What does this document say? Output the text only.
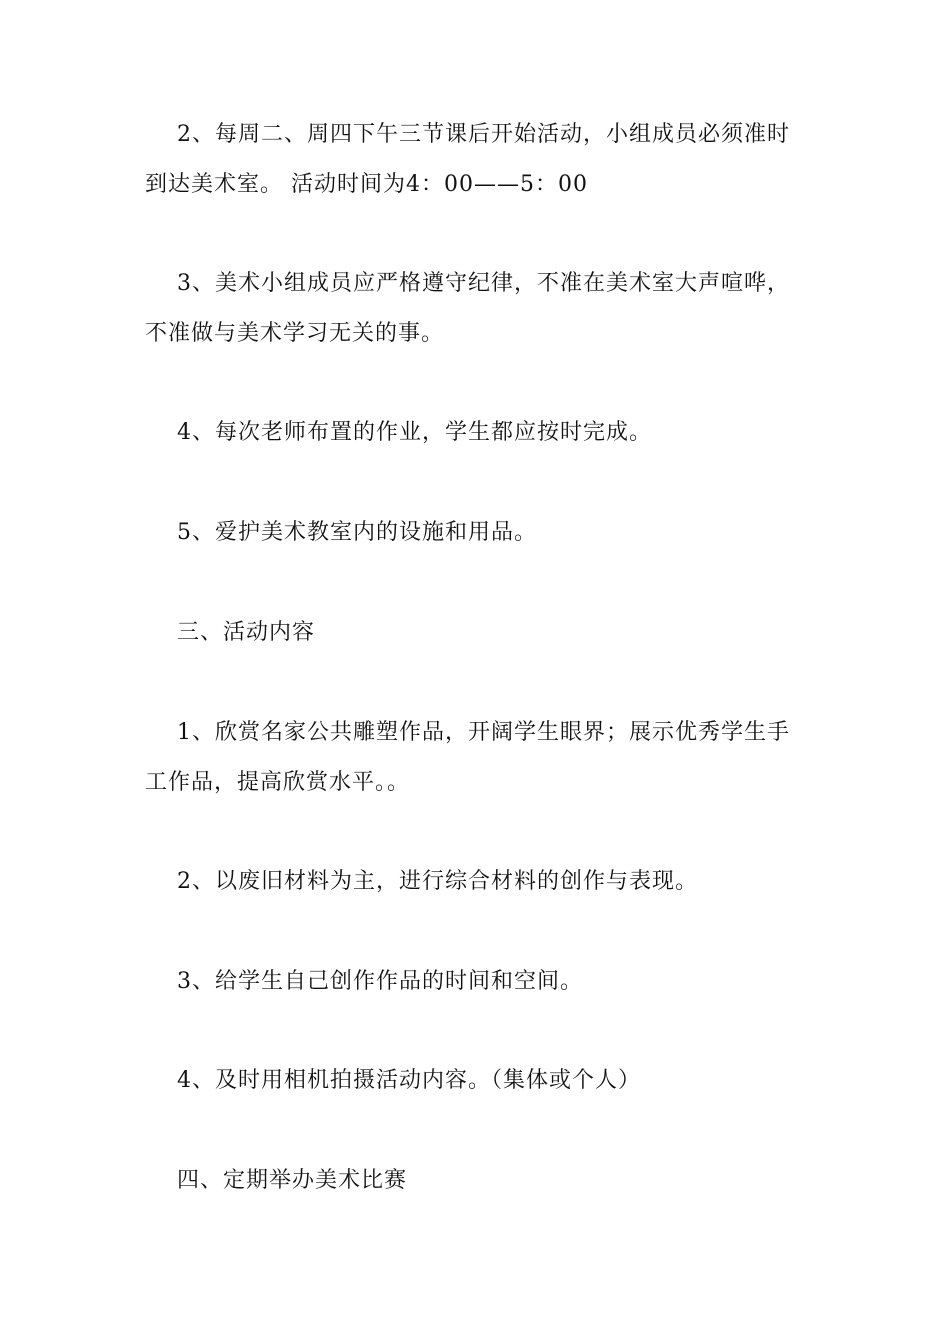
2、每周二、周四下午三节课后开始活动，小组成员必须准时到达美术室。 活动时间为4：00——5：00

3、美术小组成员应严格遵守纪律，不准在美术室大声喧哗，不准做与美术学习无关的事。

4、每次老师布置的作业，学生都应按时完成。

5、爱护美术教室内的设施和用品。

三、活动内容

1、欣赏名家公共雕塑作品，开阔学生眼界；展示优秀学生手工作品，提高欣赏水平。。

2、以废旧材料为主，进行综合材料的创作与表现。

3、给学生自己创作作品的时间和空间。

4、及时用相机拍摄活动内容。（集体或个人）

四、定期举办美术比赛
